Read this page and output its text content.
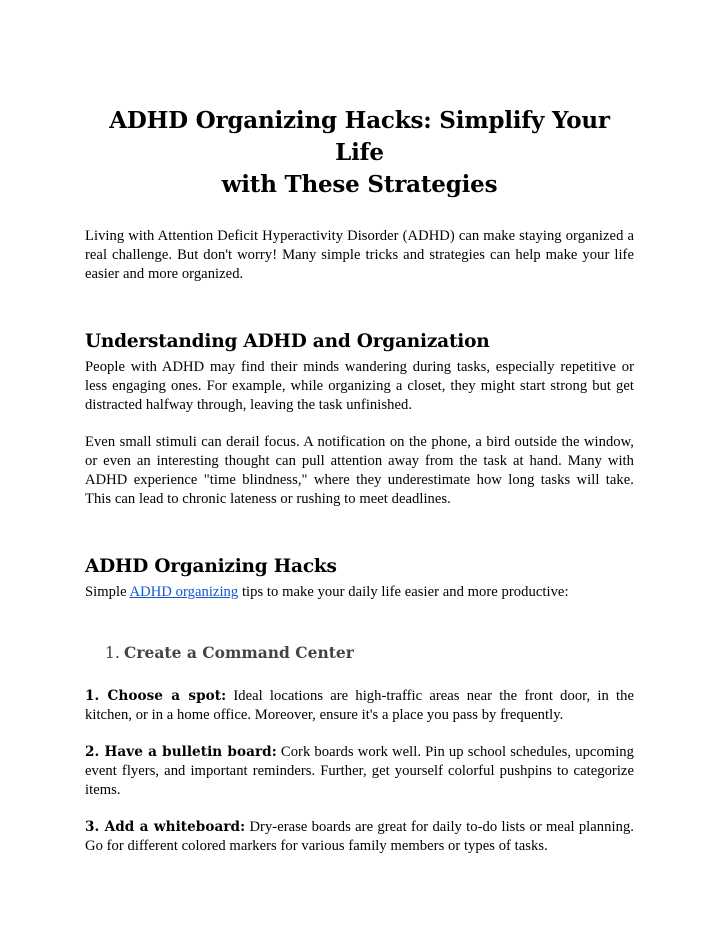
ADHD Organizing Hacks: Simplify Your Life
with These Strategies

Living with Attention Deficit Hyperactivity Disorder (ADHD) can make staying organized a real challenge. But don't worry! Many simple tricks and strategies can help make your life easier and more organized.

Understanding ADHD and Organization

People with ADHD may find their minds wandering during tasks, especially repetitive or less engaging ones. For example, while organizing a closet, they might start strong but get distracted halfway through, leaving the task unfinished.

Even small stimuli can derail focus. A notification on the phone, a bird outside the window, or even an interesting thought can pull attention away from the task at hand. Many with ADHD experience "time blindness," where they underestimate how long tasks will take. This can lead to chronic lateness or rushing to meet deadlines.

ADHD Organizing Hacks

Simple ADHD organizing tips to make your daily life easier and more productive:

1. Create a Command Center

1. Choose a spot: Ideal locations are high-traffic areas near the front door, in the kitchen, or in a home office. Moreover, ensure it's a place you pass by frequently.

2. Have a bulletin board: Cork boards work well. Pin up school schedules, upcoming event flyers, and important reminders. Further, get yourself colorful pushpins to categorize items.

3. Add a whiteboard: Dry-erase boards are great for daily to-do lists or meal planning. Go for different colored markers for various family members or types of tasks.
